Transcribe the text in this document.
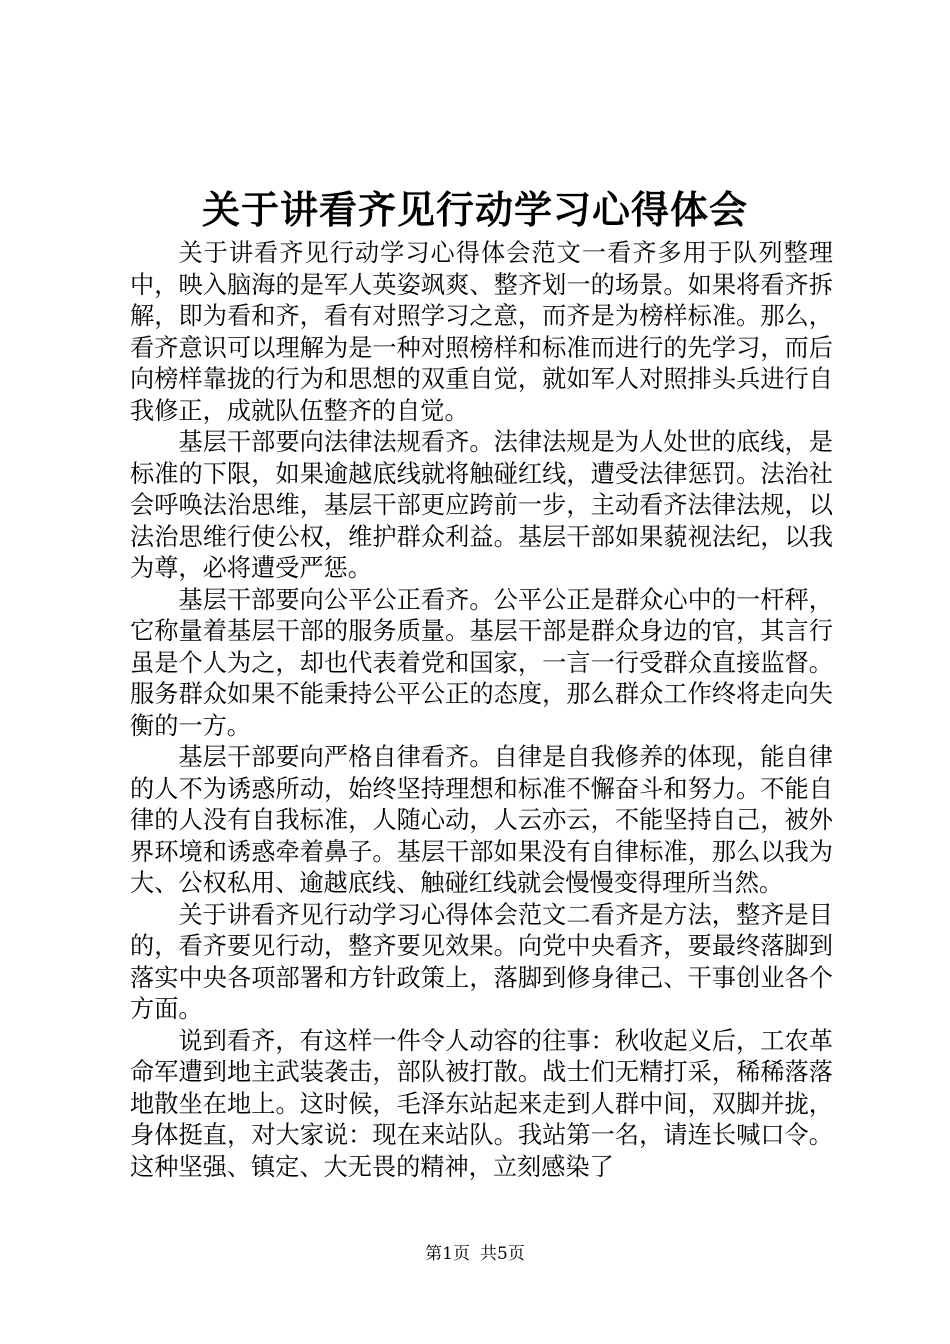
关于讲看齐见行动学习心得体会

关于讲看齐见行动学习心得体会范文一看齐多用于队列整理中，映入脑海的是军人英姿飒爽、整齐划一的场景。如果将看齐拆解，即为看和齐，看有对照学习之意，而齐是为榜样标准。那么，看齐意识可以理解为是一种对照榜样和标准而进行的先学习，而后向榜样靠拢的行为和思想的双重自觉，就如军人对照排头兵进行自我修正，成就队伍整齐的自觉。

基层干部要向法律法规看齐。法律法规是为人处世的底线，是标准的下限，如果逾越底线就将触碰红线，遭受法律惩罚。法治社会呼唤法治思维，基层干部更应跨前一步，主动看齐法律法规，以法治思维行使公权，维护群众利益。基层干部如果藐视法纪，以我为尊，必将遭受严惩。

基层干部要向公平公正看齐。公平公正是群众心中的一杆秤，它称量着基层干部的服务质量。基层干部是群众身边的官，其言行虽是个人为之，却也代表着党和国家，一言一行受群众直接监督。服务群众如果不能秉持公平公正的态度，那么群众工作终将走向失衡的一方。

基层干部要向严格自律看齐。自律是自我修养的体现，能自律的人不为诱惑所动，始终坚持理想和标准不懈奋斗和努力。不能自律的人没有自我标准，人随心动，人云亦云，不能坚持自己，被外界环境和诱惑牵着鼻子。基层干部如果没有自律标准，那么以我为大、公权私用、逾越底线、触碰红线就会慢慢变得理所当然。

关于讲看齐见行动学习心得体会范文二看齐是方法，整齐是目的，看齐要见行动，整齐要见效果。向党中央看齐，要最终落脚到落实中央各项部署和方针政策上，落脚到修身律己、干事创业各个方面。

说到看齐，有这样一件令人动容的往事：秋收起义后，工农革命军遭到地主武装袭击，部队被打散。战士们无精打采，稀稀落落地散坐在地上。这时候，毛泽东站起来走到人群中间，双脚并拢，身体挺直，对大家说：现在来站队。我站第一名，请连长喊口令。这种坚强、镇定、大无畏的精神，立刻感染了

第1页 共5页
